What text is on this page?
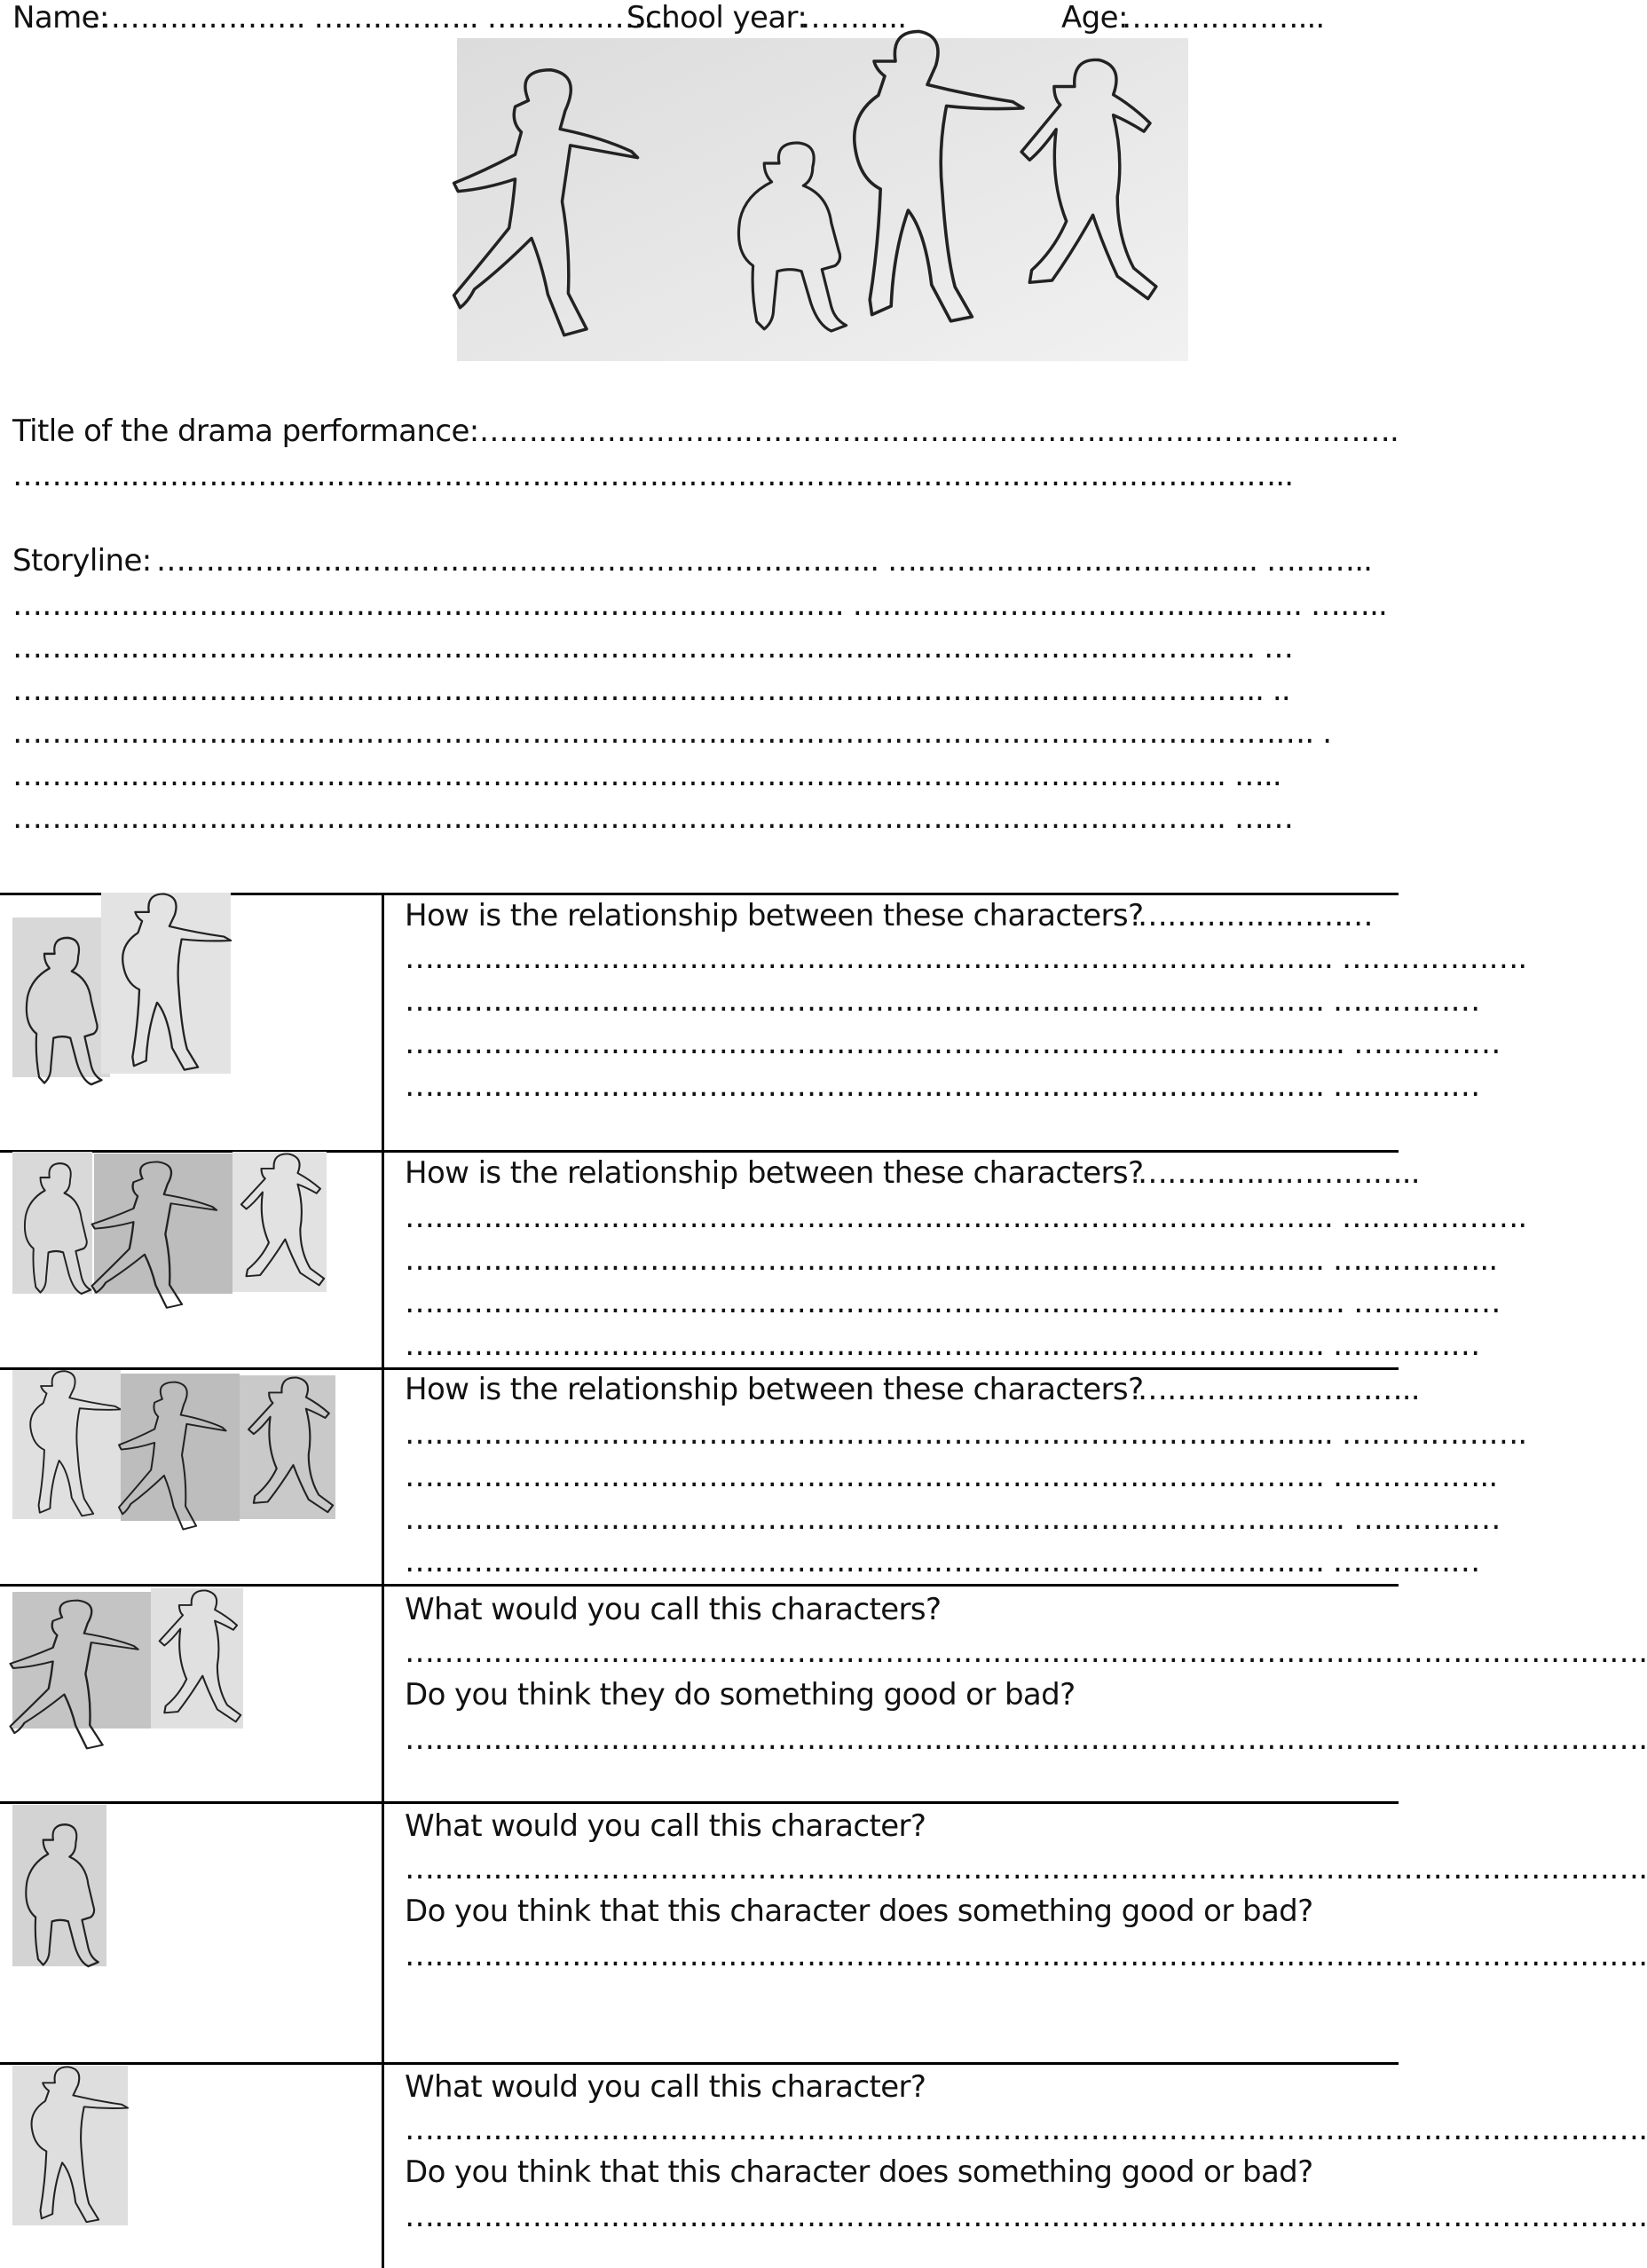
Name:
…………………. …………….. ……………….
School year:
………..	Age:
………………...
Title of the drama performance:
………………………………………………………………………………….
…………………………………………………………………………………………………………………..
Storyline:
……………………………………………………………….. ……………………………….. ………..
…………………………………………………………………………. ………………………………………. ……..
………………………………………………………………………………………………………………. …
……………………………………………………………………………………………………………….. ..
……………………………………………………………………………………………………………………. .
……………………………………………………………………………………………………………. …..
……………………………………………………………………………………………………………. ……
How is the relationship between these characters?
……………………
………………………………………………………………………………….. ……………….
…………………………………………………………………………………. ……………
…………………………………………………………………………………… ……………
…………………………………………………………………………………. ……………
How is the relationship between these characters?
………………………..
………………………………………………………………………………….. ……………….
…………………………………………………………………………………. ……………..
…………………………………………………………………………………… ……………
…………………………………………………………………………………. ……………
How is the relationship between these characters?
………………………..
………………………………………………………………………………….. ……………….
…………………………………………………………………………………. ……………..
…………………………………………………………………………………… ……………
…………………………………………………………………………………. ……………
What would you call this characters?
……………………………………………………………………………………………………………….
Do you think they do something good or bad?
……………………………………………………………………………………………………………….
What would you call this character?
……………………………………………………………………………………………………………….
Do you think that this character does something good or bad?
……………………………………………………………………………………………………………….
What would you call this character?
……………………………………………………………………………………………………………….
Do you think that this character does something good or bad?
……………………………………………………………………………………………………………….
